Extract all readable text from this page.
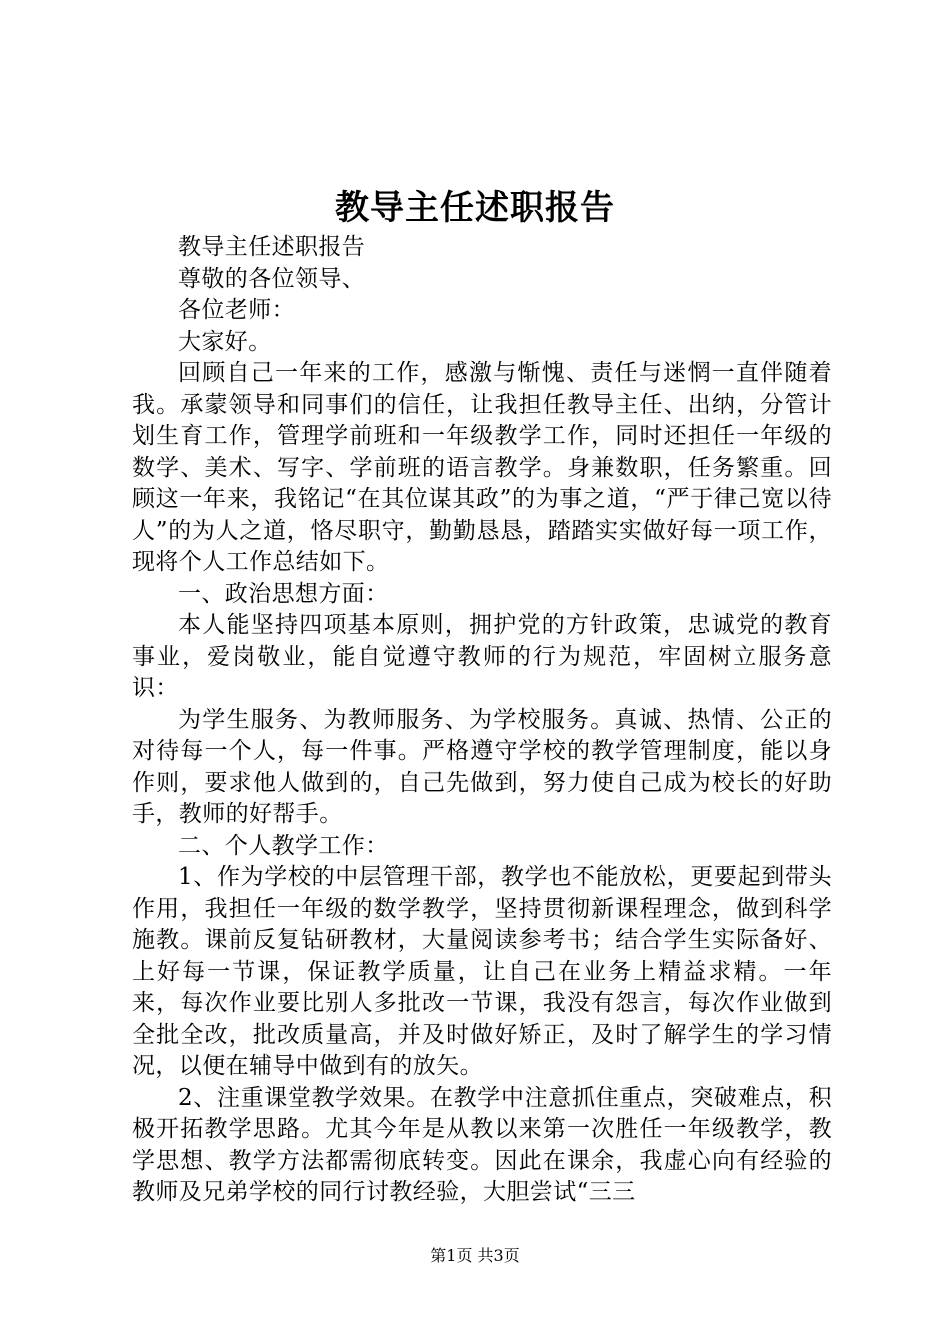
教导主任述职报告

教导主任述职报告

尊敬的各位领导、

各位老师：

大家好。

回顾自己一年来的工作，感激与惭愧、责任与迷惘一直伴随着我。承蒙领导和同事们的信任，让我担任教导主任、出纳，分管计划生育工作，管理学前班和一年级教学工作，同时还担任一年级的数学、美术、写字、学前班的语言教学。身兼数职，任务繁重。回顾这一年来，我铭记“在其位谋其政”的为事之道，“严于律己宽以待人”的为人之道，恪尽职守，勤勤恳恳，踏踏实实做好每一项工作，现将个人工作总结如下。

一、政治思想方面：

本人能坚持四项基本原则，拥护党的方针政策，忠诚党的教育事业，爱岗敬业，能自觉遵守教师的行为规范，牢固树立服务意识：

为学生服务、为教师服务、为学校服务。真诚、热情、公正的对待每一个人，每一件事。严格遵守学校的教学管理制度，能以身作则，要求他人做到的，自己先做到，努力使自己成为校长的好助手，教师的好帮手。

二、个人教学工作：

1、作为学校的中层管理干部，教学也不能放松，更要起到带头作用，我担任一年级的数学教学，坚持贯彻新课程理念，做到科学施教。课前反复钻研教材，大量阅读参考书；结合学生实际备好、上好每一节课，保证教学质量，让自己在业务上精益求精。一年来，每次作业要比别人多批改一节课，我没有怨言，每次作业做到全批全改，批改质量高，并及时做好矫正，及时了解学生的学习情况，以便在辅导中做到有的放矢。

2、注重课堂教学效果。在教学中注意抓住重点，突破难点，积极开拓教学思路。尤其今年是从教以来第一次胜任一年级教学，教学思想、教学方法都需彻底转变。因此在课余，我虚心向有经验的教师及兄弟学校的同行讨教经验，大胆尝试“三三

第1页 共3页
